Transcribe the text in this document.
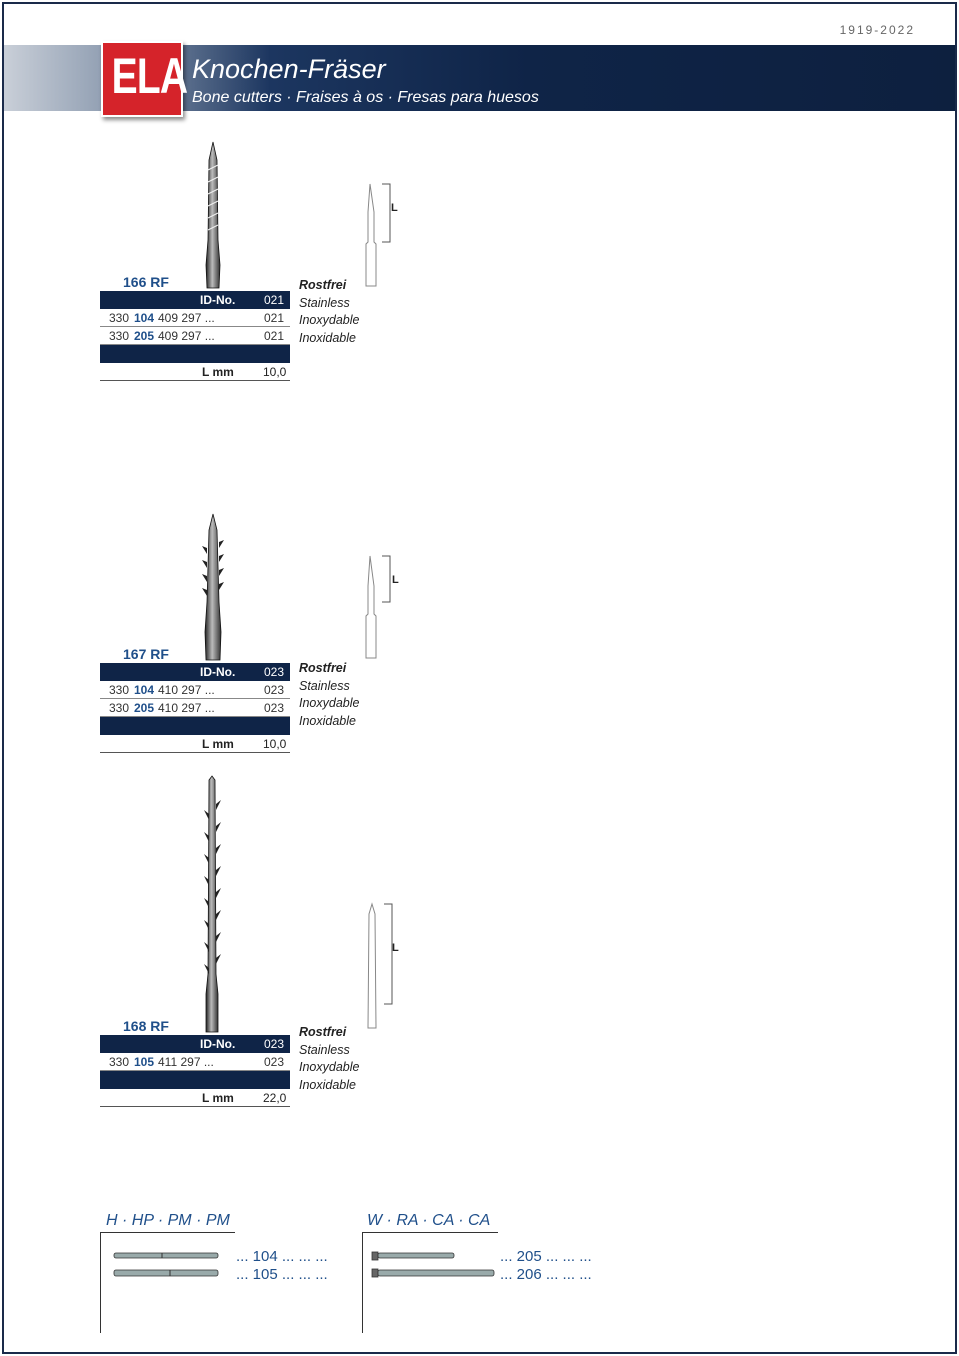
1919-2022
ELA Knochen-Fräser
Bone cutters · Fraises à os · Fresas para huesos
L
166 RF
ID-No. 021
330 104 409 297 ...	021
330 205 409 297 ...	021
L mm 10,0
Rostfrei
Stainless
Inoxydable
Inoxidable
L
167 RF
ID-No. 023
330 104 410 297 ...	023
330 205 410 297 ...	023
L mm 10,0
Rostfrei
Stainless
Inoxydable
Inoxidable
L
168 RF
ID-No. 023
330 105 411 297 ...	023
L mm 22,0
Rostfrei
Stainless
Inoxydable
Inoxidable
H · HP · PM · PM
... 104 ... ... ...
... 105 ... ... ...
W · RA · CA · CA
... 205 ... ... ...
... 206 ... ... ...
